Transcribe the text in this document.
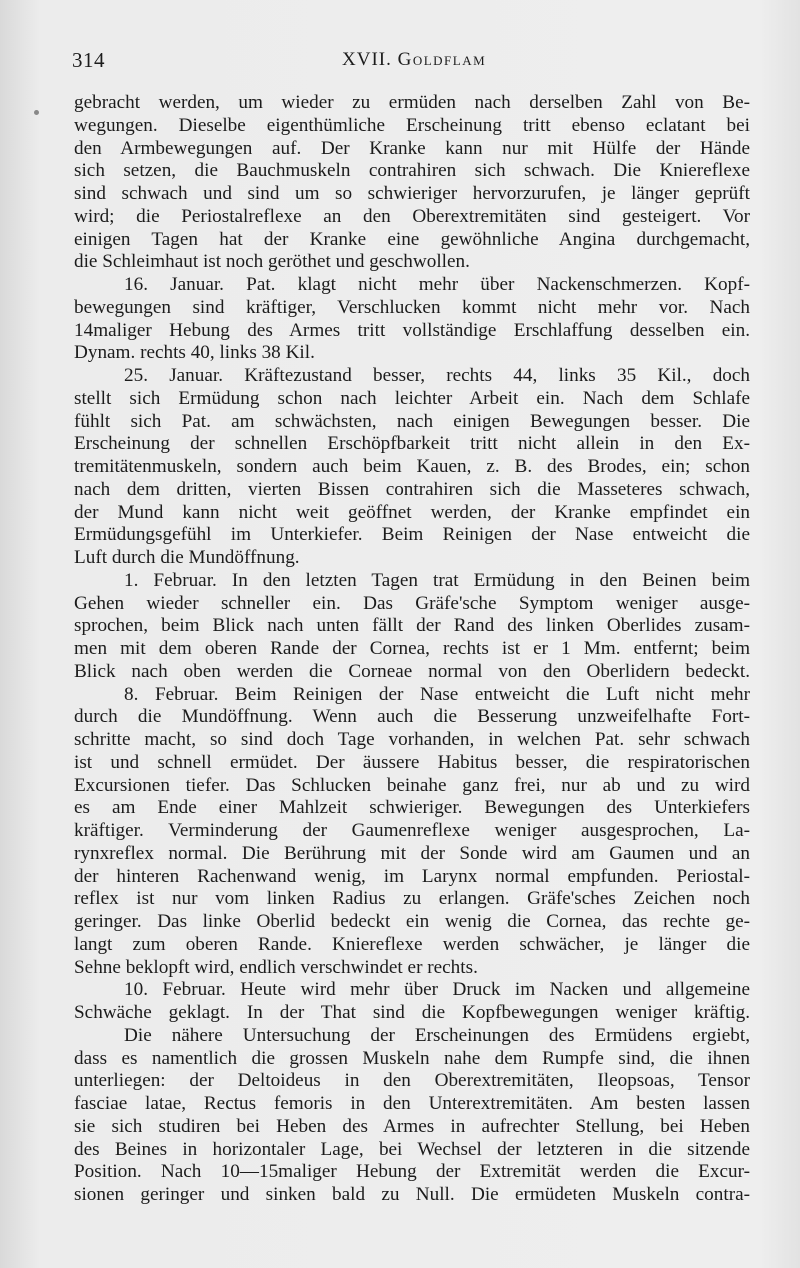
314	XVII. Goldflam
gebracht werden, um wieder zu ermüden nach derselben Zahl von Be-
wegungen. Dieselbe eigenthümliche Erscheinung tritt ebenso eclatant bei
den Armbewegungen auf. Der Kranke kann nur mit Hülfe der Hände
sich setzen, die Bauchmuskeln contrahiren sich schwach. Die Kniereflexe
sind schwach und sind um so schwieriger hervorzurufen, je länger geprüft
wird; die Periostalreflexe an den Oberextremitäten sind gesteigert. Vor
einigen Tagen hat der Kranke eine gewöhnliche Angina durchgemacht,
die Schleimhaut ist noch geröthet und geschwollen.
16. Januar. Pat. klagt nicht mehr über Nackenschmerzen. Kopf-
bewegungen sind kräftiger, Verschlucken kommt nicht mehr vor. Nach
14maliger Hebung des Armes tritt vollständige Erschlaffung desselben ein.
Dynam. rechts 40, links 38 Kil.
25. Januar. Kräftezustand besser, rechts 44, links 35 Kil., doch
stellt sich Ermüdung schon nach leichter Arbeit ein. Nach dem Schlafe
fühlt sich Pat. am schwächsten, nach einigen Bewegungen besser. Die
Erscheinung der schnellen Erschöpfbarkeit tritt nicht allein in den Ex-
tremitätenmuskeln, sondern auch beim Kauen, z. B. des Brodes, ein; schon
nach dem dritten, vierten Bissen contrahiren sich die Masseteres schwach,
der Mund kann nicht weit geöffnet werden, der Kranke empfindet ein
Ermüdungsgefühl im Unterkiefer. Beim Reinigen der Nase entweicht die
Luft durch die Mundöffnung.
1. Februar. In den letzten Tagen trat Ermüdung in den Beinen beim
Gehen wieder schneller ein. Das Gräfe'sche Symptom weniger ausge-
sprochen, beim Blick nach unten fällt der Rand des linken Oberlides zusam-
men mit dem oberen Rande der Cornea, rechts ist er 1 Mm. entfernt; beim
Blick nach oben werden die Corneae normal von den Oberlidern bedeckt.
8. Februar. Beim Reinigen der Nase entweicht die Luft nicht mehr
durch die Mundöffnung. Wenn auch die Besserung unzweifelhafte Fort-
schritte macht, so sind doch Tage vorhanden, in welchen Pat. sehr schwach
ist und schnell ermüdet. Der äussere Habitus besser, die respiratorischen
Excursionen tiefer. Das Schlucken beinahe ganz frei, nur ab und zu wird
es am Ende einer Mahlzeit schwieriger. Bewegungen des Unterkiefers
kräftiger. Verminderung der Gaumenreflexe weniger ausgesprochen, La-
rynxreflex normal. Die Berührung mit der Sonde wird am Gaumen und an
der hinteren Rachenwand wenig, im Larynx normal empfunden. Periostal-
reflex ist nur vom linken Radius zu erlangen. Gräfe'sches Zeichen noch
geringer. Das linke Oberlid bedeckt ein wenig die Cornea, das rechte ge-
langt zum oberen Rande. Kniereflexe werden schwächer, je länger die
Sehne beklopft wird, endlich verschwindet er rechts.
10. Februar. Heute wird mehr über Druck im Nacken und allgemeine
Schwäche geklagt. In der That sind die Kopfbewegungen weniger kräftig.
Die nähere Untersuchung der Erscheinungen des Ermüdens ergiebt,
dass es namentlich die grossen Muskeln nahe dem Rumpfe sind, die ihnen
unterliegen: der Deltoideus in den Oberextremitäten, Ileopsoas, Tensor
fasciae latae, Rectus femoris in den Unterextremitäten. Am besten lassen
sie sich studiren bei Heben des Armes in aufrechter Stellung, bei Heben
des Beines in horizontaler Lage, bei Wechsel der letzteren in die sitzende
Position. Nach 10—15maliger Hebung der Extremität werden die Excur-
sionen geringer und sinken bald zu Null. Die ermüdeten Muskeln contra-
